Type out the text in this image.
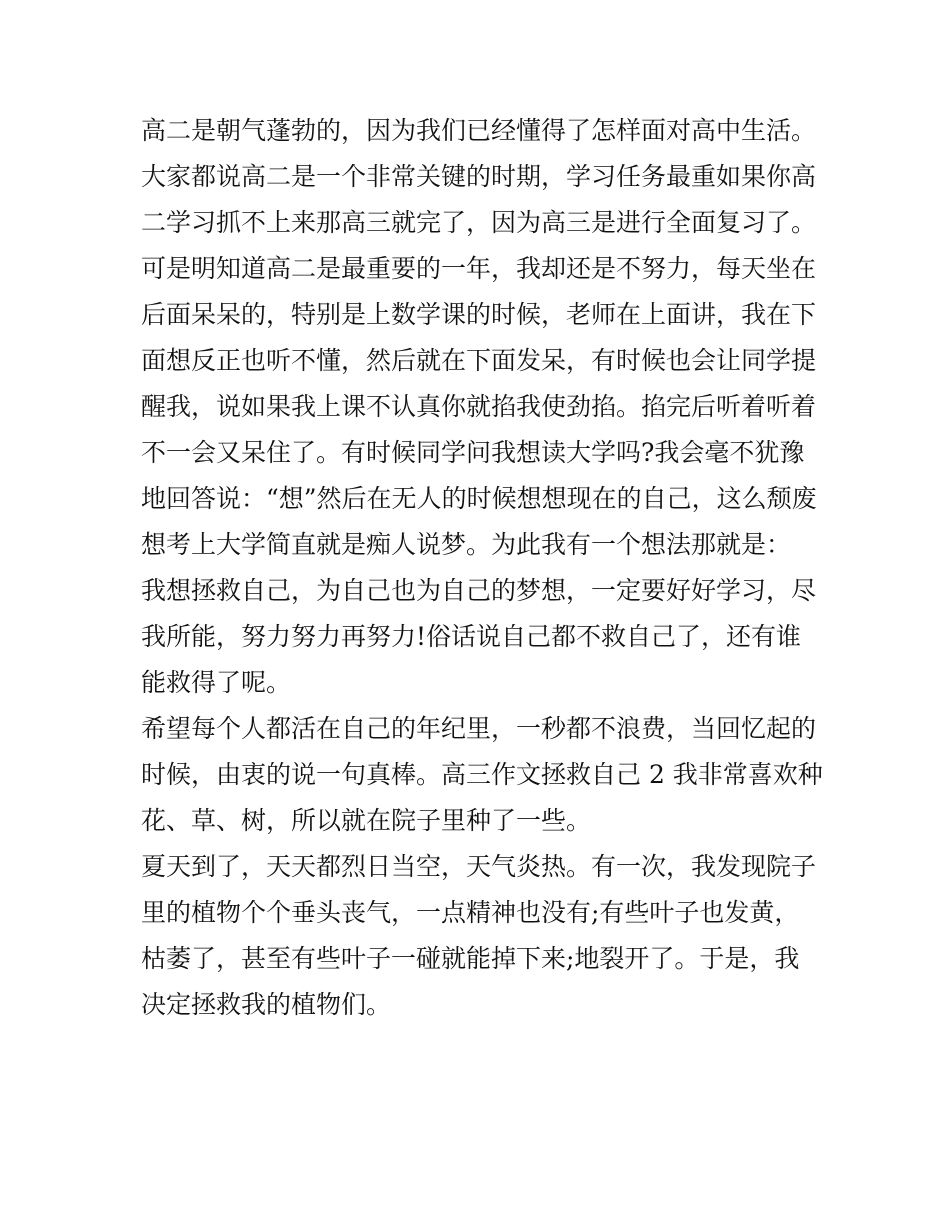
高二是朝气蓬勃的，因为我们已经懂得了怎样面对高中生活。

大家都说高二是一个非常关键的时期，学习任务最重如果你高

二学习抓不上来那高三就完了，因为高三是进行全面复习了。

可是明知道高二是最重要的一年，我却还是不努力，每天坐在

后面呆呆的，特别是上数学课的时候，老师在上面讲，我在下

面想反正也听不懂，然后就在下面发呆，有时候也会让同学提

醒我，说如果我上课不认真你就掐我使劲掐。掐完后听着听着

不一会又呆住了。有时候同学问我想读大学吗?我会毫不犹豫

地回答说：“想”然后在无人的时候想想现在的自己，这么颓废

想考上大学简直就是痴人说梦。为此我有一个想法那就是：

我想拯救自己，为自己也为自己的梦想，一定要好好学习，尽

我所能，努力努力再努力!俗话说自己都不救自己了，还有谁

能救得了呢。

希望每个人都活在自己的年纪里，一秒都不浪费，当回忆起的

时候，由衷的说一句真棒。高三作文拯救自己 2 我非常喜欢种

花、草、树，所以就在院子里种了一些。

夏天到了，天天都烈日当空，天气炎热。有一次，我发现院子

里的植物个个垂头丧气，一点精神也没有;有些叶子也发黄，

枯萎了，甚至有些叶子一碰就能掉下来;地裂开了。于是，我

决定拯救我的植物们。
